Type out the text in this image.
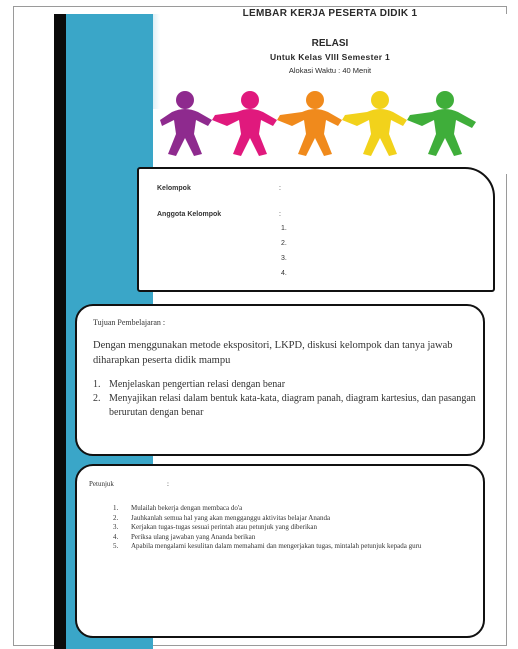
LEMBAR KERJA PESERTA DIDIK 1
RELASI
Untuk Kelas VIII Semester 1
Alokasi Waktu : 40 Menit
Kelompok	:
Anggota Kelompok	:
1.
2.
3.
4.
Tujuan Pembelajaran :
Dengan menggunakan metode ekspositori, LKPD, diskusi kelompok dan tanya jawab diharapkan peserta didik mampu
1. Menjelaskan pengertian relasi dengan benar
2. Menyajikan relasi dalam bentuk kata-kata, diagram panah, diagram kartesius, dan pasangan berurutan dengan benar
Petunjuk	:
1. Mulailah bekerja dengan membaca do'a
2. Jauhkanlah semua hal yang akan mengganggu aktivitas belajar Ananda
3. Kerjakan tugas-tugas sesuai perintah atau petunjuk yang diberikan
4. Periksa ulang jawaban yang Ananda berikan
5. Apabila mengalami kesulitan dalam memahami dan mengerjakan tugas, mintalah petunjuk kepada guru
